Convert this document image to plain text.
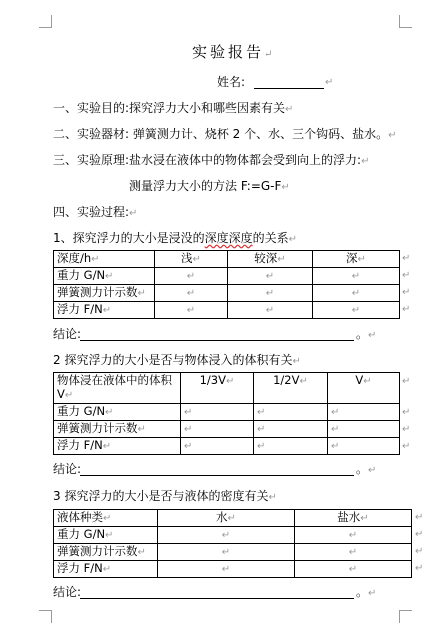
实验报告↵
姓名:	↵
一、实验目的:探究浮力大小和哪些因素有关↵
二、实验器材: 弹簧测力计、烧杯 2 个、水、三个钩码、盐水。↵
三、实验原理:盐水浸在液体中的物体都会受到向上的浮力:↵
测量浮力大小的方法 F:=G-F↵
四、实验过程:↵
1、探究浮力的大小是浸没的深度深度的关系↵
深度/h↵	浅↵	较深↵	深↵
重力 G/N↵	↵	↵	↵
弹簧测力计示数↵	↵	↵	↵
浮力 F/N↵	↵	↵	↵
↵
↵
↵
↵
结论:	。↵
2 探究浮力的大小是否与物体浸入的体积有关↵
物体浸在液体中的体积 V↵	1/3V↵	1/2V↵	V↵
重力 G/N↵	↵	↵	↵
弹簧测力计示数↵	↵	↵	↵
浮力 F/N↵	↵	↵	↵
↵
↵
↵
↵
结论:	。↵
3 探究浮力的大小是否与液体的密度有关↵
液体种类↵	水↵	盐水↵
重力 G/N↵	↵	↵
弹簧测力计示数↵	↵	↵
浮力 F/N↵	↵	↵
↵
↵
↵
↵
结论:	。↵
